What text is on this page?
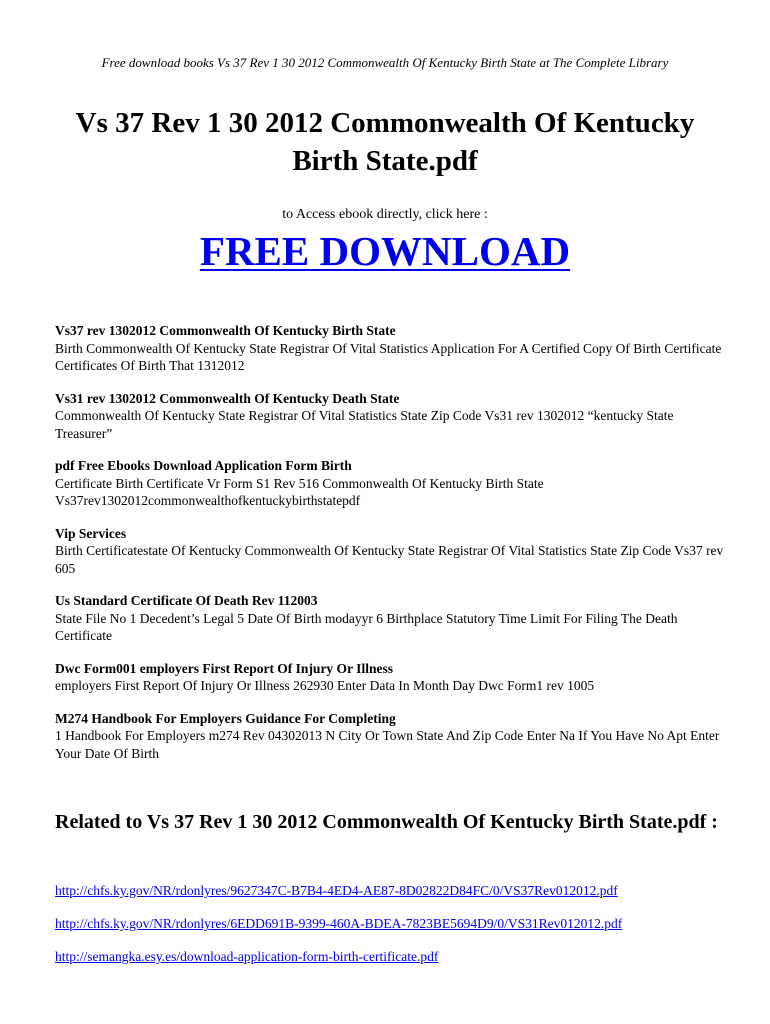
Free download books Vs 37 Rev 1 30 2012 Commonwealth Of Kentucky Birth State at The Complete Library
Vs 37 Rev 1 30 2012 Commonwealth Of Kentucky Birth State.pdf
to Access ebook directly, click here :
FREE DOWNLOAD
Vs37 rev 1302012 Commonwealth Of Kentucky Birth State
Birth Commonwealth Of Kentucky State Registrar Of Vital Statistics Application For A Certified Copy Of Birth Certificate Certificates Of Birth That 1312012
Vs31 rev 1302012 Commonwealth Of Kentucky Death State
Commonwealth Of Kentucky State Registrar Of Vital Statistics State Zip Code Vs31 rev 1302012 “kentucky State Treasurer”
pdf Free Ebooks Download Application Form Birth
Certificate Birth Certificate Vr Form S1 Rev 516 Commonwealth Of Kentucky Birth State Vs37rev1302012commonwealthofkentuckybirthstatepdf
Vip Services
Birth Certificatestate Of Kentucky Commonwealth Of Kentucky State Registrar Of Vital Statistics State Zip Code Vs37 rev 605
Us Standard Certificate Of Death Rev 112003
State File No 1 Decedent’s Legal 5 Date Of Birth modayyr 6 Birthplace Statutory Time Limit For Filing The Death Certificate
Dwc Form001 employers First Report Of Injury Or Illness
employers First Report Of Injury Or Illness 262930 Enter Data In Month Day Dwc Form1 rev 1005
M274 Handbook For Employers Guidance For Completing
1 Handbook For Employers m274 Rev 04302013 N City Or Town State And Zip Code Enter Na If You Have No Apt Enter Your Date Of Birth
Related to Vs 37 Rev 1 30 2012 Commonwealth Of Kentucky Birth State.pdf :
http://chfs.ky.gov/NR/rdonlyres/9627347C-B7B4-4ED4-AE87-8D02822D84FC/0/VS37Rev012012.pdf
http://chfs.ky.gov/NR/rdonlyres/6EDD691B-9399-460A-BDEA-7823BE5694D9/0/VS31Rev012012.pdf
http://semangka.esy.es/download-application-form-birth-certificate.pdf
